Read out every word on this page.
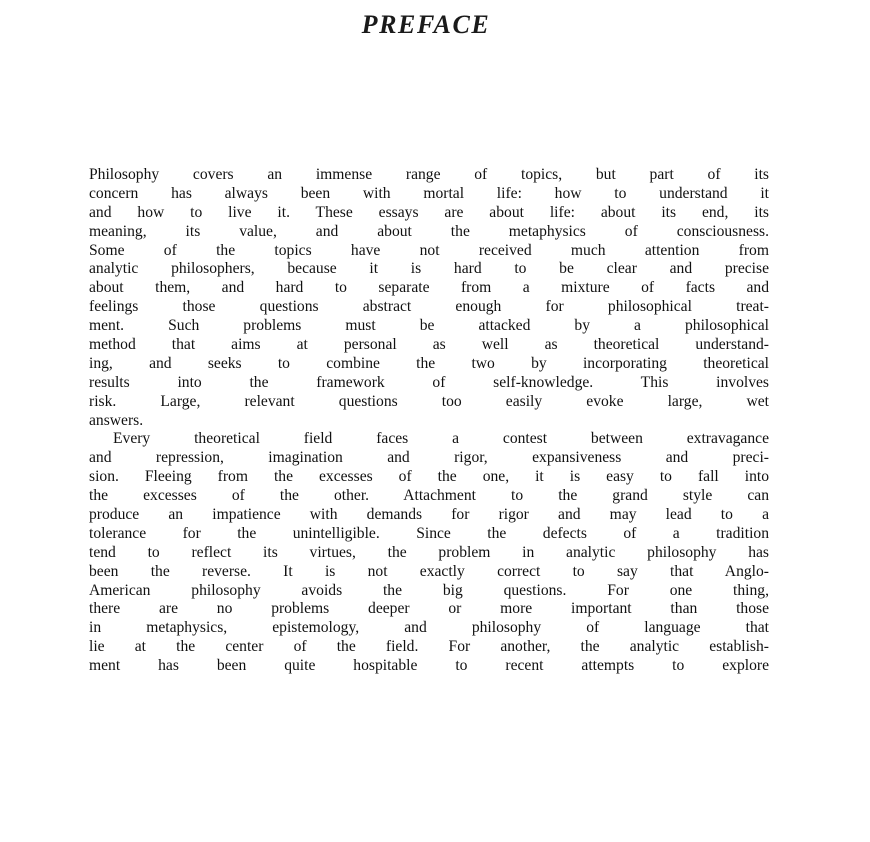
PREFACE
Philosophy covers an immense range of topics, but part of its
concern has always been with mortal life: how to understand it
and how to live it. These essays are about life: about its end, its
meaning, its value, and about the metaphysics of consciousness.
Some of the topics have not received much attention from
analytic philosophers, because it is hard to be clear and precise
about them, and hard to separate from a mixture of facts and
feelings those questions abstract enough for philosophical treat-
ment. Such problems must be attacked by a philosophical
method that aims at personal as well as theoretical understand-
ing, and seeks to combine the two by incorporating theoretical
results into the framework of self-knowledge. This involves
risk. Large, relevant questions too easily evoke large, wet
answers.
Every theoretical field faces a contest between extravagance
and repression, imagination and rigor, expansiveness and preci-
sion. Fleeing from the excesses of the one, it is easy to fall into
the excesses of the other. Attachment to the grand style can
produce an impatience with demands for rigor and may lead to a
tolerance for the unintelligible. Since the defects of a tradition
tend to reflect its virtues, the problem in analytic philosophy has
been the reverse. It is not exactly correct to say that Anglo-
American philosophy avoids the big questions. For one thing,
there are no problems deeper or more important than those
in metaphysics, epistemology, and philosophy of language that
lie at the center of the field. For another, the analytic establish-
ment has been quite hospitable to recent attempts to explore
